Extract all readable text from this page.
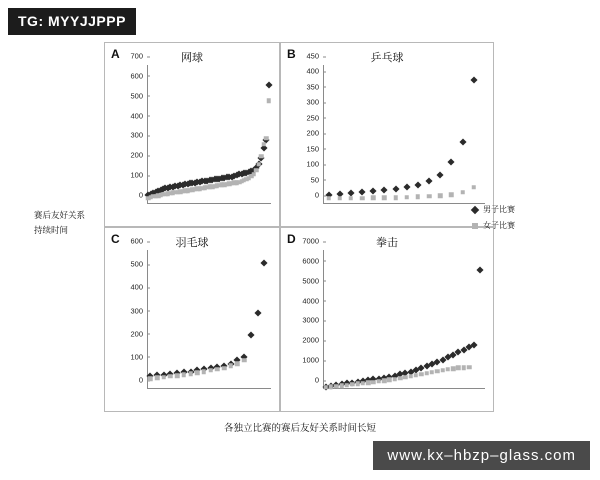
TG: MYYJJPPP
A	网球
0
100
200
300
400
500
600
700	B	乒乓球
0
50
100
150
200
250
300
350
400
450
C	羽毛球
0
100
200
300
400
500
600	D	拳击
0
1000
2000
3000
4000
5000
6000
7000
赛后友好关系
持续时间
男子比赛
女子比赛
各独立比赛的赛后友好关系时间长短
www.kx–hbzp–glass.com
